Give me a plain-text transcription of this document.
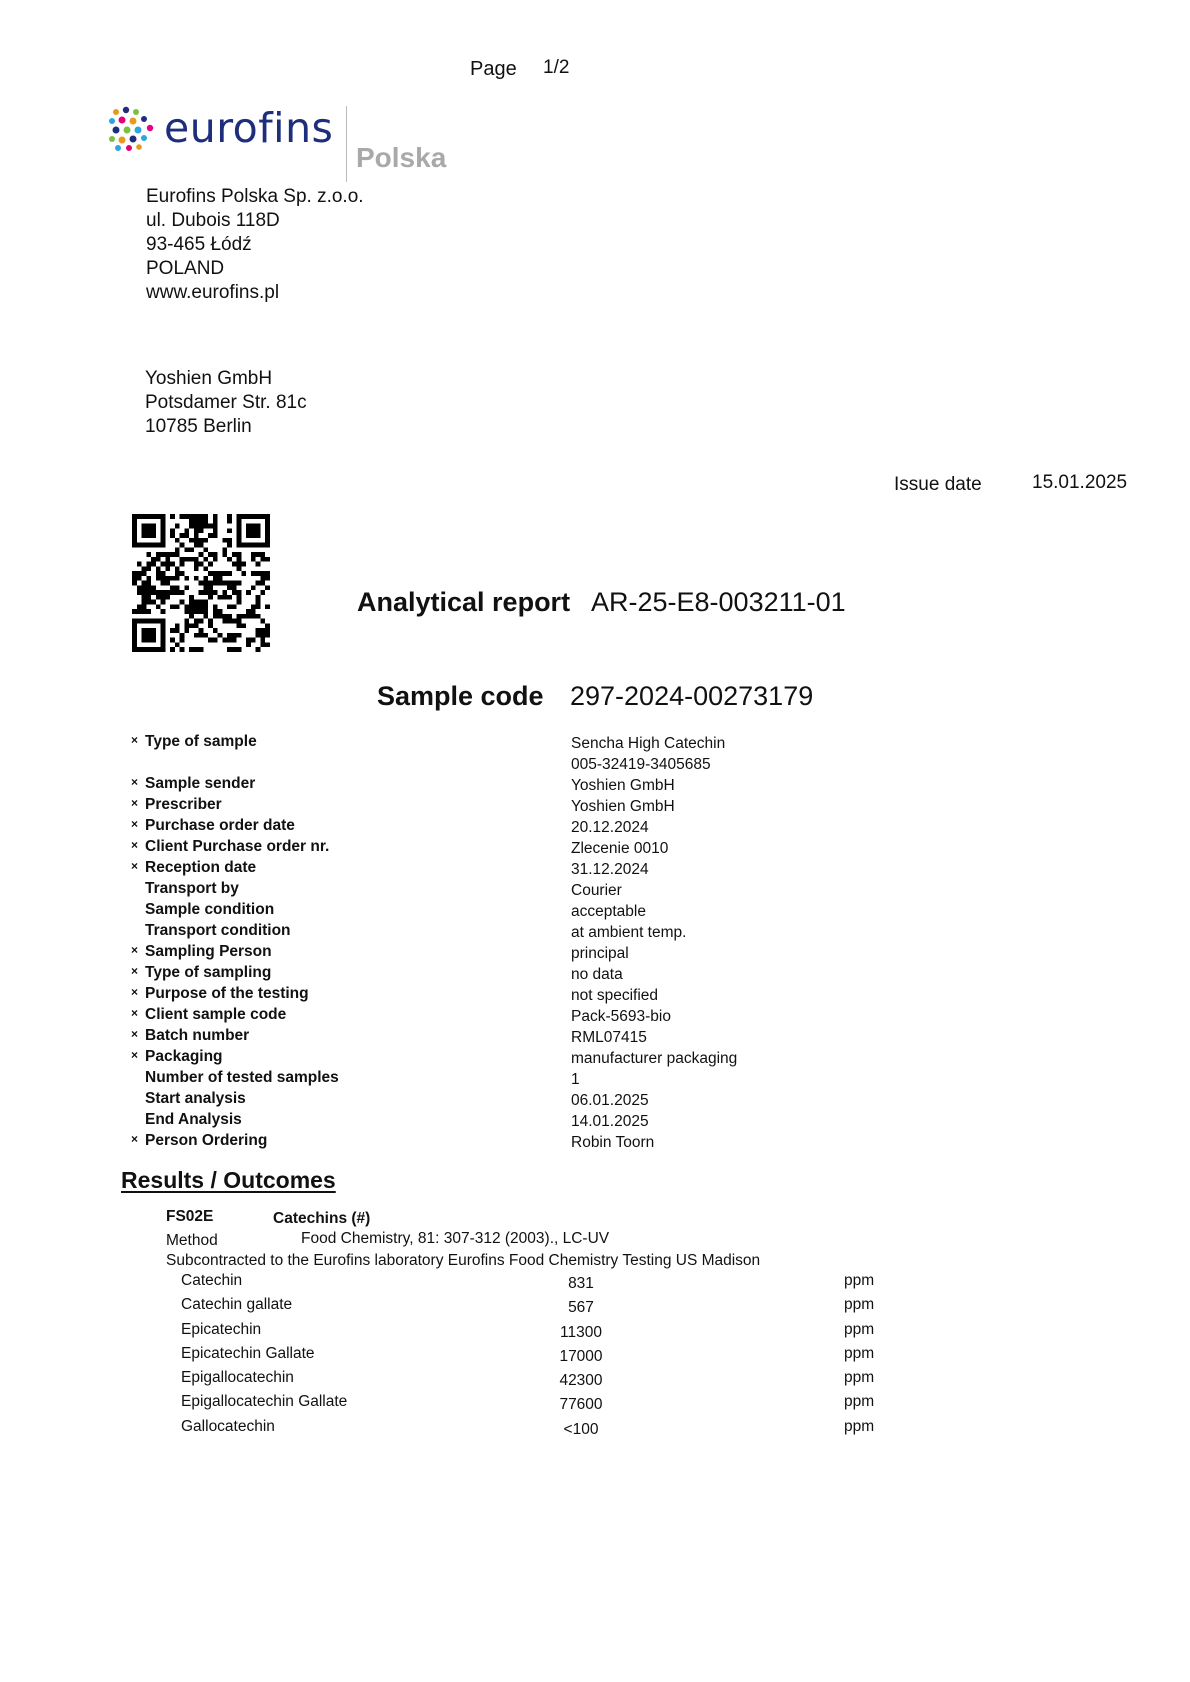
Page 1/2
eurofins
Polska
Eurofins Polska Sp. z.o.o.
ul. Dubois 118D
93-465 Łódź
POLAND
www.eurofins.pl
Yoshien GmbH
Potsdamer Str. 81c
10785 Berlin
Issue date	15.01.2025
Analytical report AR-25-E8-003211-01
Sample code 297-2024-00273179
× Type of sample	Sencha High Catechin
005-32419-3405685
× Sample sender	Yoshien GmbH
× Prescriber	Yoshien GmbH
× Purchase order date	20.12.2024
× Client Purchase order nr.	Zlecenie 0010
× Reception date	31.12.2024
Transport by	Courier
Sample condition	acceptable
Transport condition	at ambient temp.
× Sampling Person	principal
× Type of sampling	no data
× Purpose of the testing	not specified
× Client sample code	Pack-5693-bio
× Batch number	RML07415
× Packaging	manufacturer packaging
Number of tested samples	1
Start analysis	06.01.2025
End Analysis	14.01.2025
× Person Ordering	Robin Toorn
Results / Outcomes
FS02E	Catechins (#)
Method	Food Chemistry, 81: 307-312 (2003)., LC-UV
Subcontracted to the Eurofins laboratory Eurofins Food Chemistry Testing US Madison
Catechin	831	ppm
Catechin gallate	567	ppm
Epicatechin	11300	ppm
Epicatechin Gallate	17000	ppm
Epigallocatechin	42300	ppm
Epigallocatechin Gallate	77600	ppm
Gallocatechin	<100	ppm
